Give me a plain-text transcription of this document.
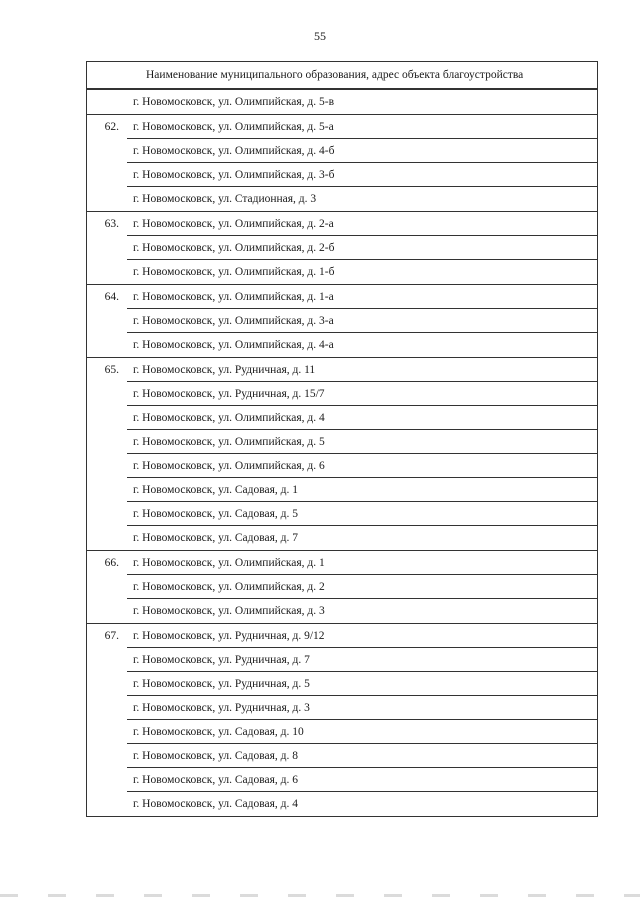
55
Наименование муниципального образования, адрес объекта благоустройства
г. Новомосковск, ул. Олимпийская, д. 5-в
62.	г. Новомосковск, ул. Олимпийская, д. 5-а
г. Новомосковск, ул. Олимпийская, д. 4-б
г. Новомосковск, ул. Олимпийская, д. 3-б
г. Новомосковск, ул. Стадионная, д. 3
63.	г. Новомосковск, ул. Олимпийская, д. 2-а
г. Новомосковск, ул. Олимпийская, д. 2-б
г. Новомосковск, ул. Олимпийская, д. 1-б
64.	г. Новомосковск, ул. Олимпийская, д. 1-а
г. Новомосковск, ул. Олимпийская, д. 3-а
г. Новомосковск, ул. Олимпийская, д. 4-а
65.	г. Новомосковск, ул. Рудничная, д. 11
г. Новомосковск, ул. Рудничная, д. 15/7
г. Новомосковск, ул. Олимпийская, д. 4
г. Новомосковск, ул. Олимпийская, д. 5
г. Новомосковск, ул. Олимпийская, д. 6
г. Новомосковск, ул. Садовая, д. 1
г. Новомосковск, ул. Садовая, д. 5
г. Новомосковск, ул. Садовая, д. 7
66.	г. Новомосковск, ул. Олимпийская, д. 1
г. Новомосковск, ул. Олимпийская, д. 2
г. Новомосковск, ул. Олимпийская, д. 3
67.	г. Новомосковск, ул. Рудничная, д. 9/12
г. Новомосковск, ул. Рудничная, д. 7
г. Новомосковск, ул. Рудничная, д. 5
г. Новомосковск, ул. Рудничная, д. 3
г. Новомосковск, ул. Садовая, д. 10
г. Новомосковск, ул. Садовая, д. 8
г. Новомосковск, ул. Садовая, д. 6
г. Новомосковск, ул. Садовая, д. 4
